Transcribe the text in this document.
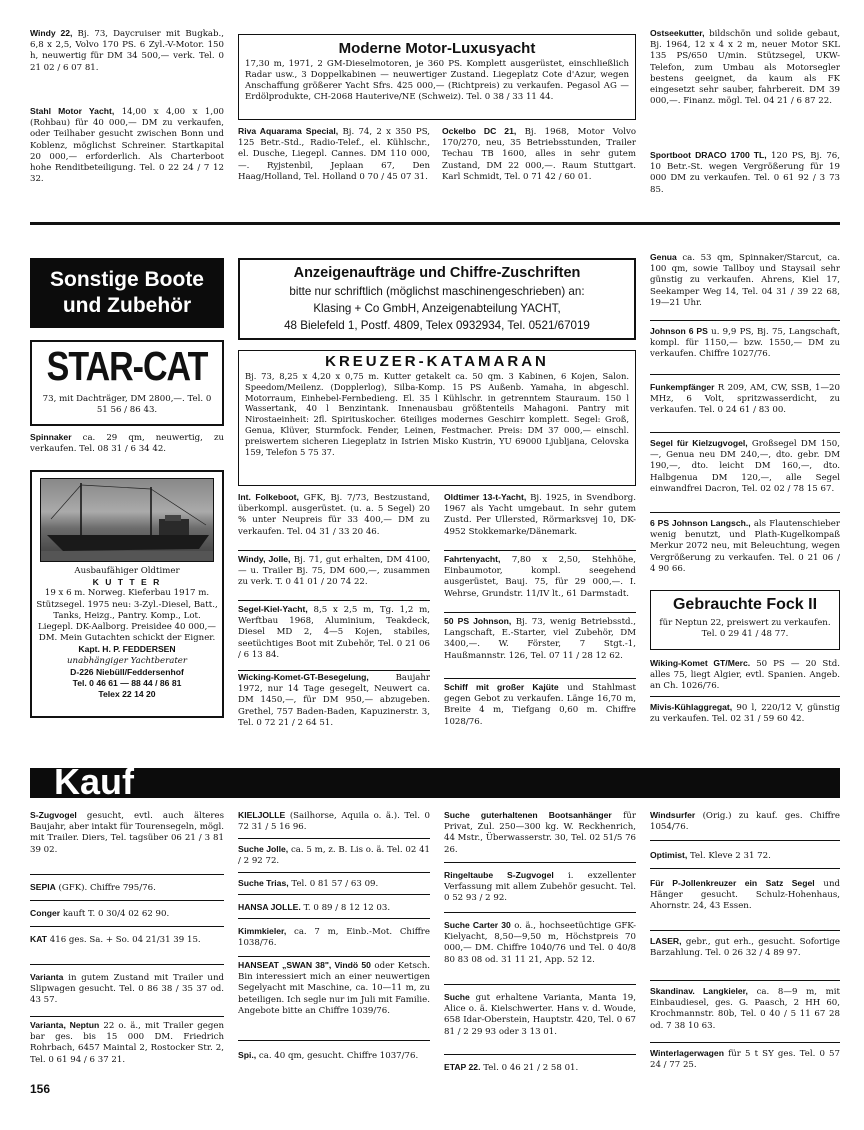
Windy 22, Bj. 73, Daycruiser mit Bugkab., 6,8 x 2,5, Volvo 170 PS. 6 Zyl.-V-Motor. 150 h, neuwertig für DM 34 500,— verk. Tel. 0 21 02 / 6 07 81.

Stahl Motor Yacht, 14,00 x 4,00 x 1,00 (Rohbau) für 40 000,— DM zu verkaufen, oder Teilhaber gesucht zwischen Bonn und Koblenz, möglichst Schreiner. Startkapital 20 000,— erforderlich. Als Charterboot hohe Renditbeteiligung. Tel. 0 22 24 / 7 12 32.

Moderne Motor-Luxusyacht

17,30 m, 1971, 2 GM-Dieselmotoren, je 360 PS. Komplett ausgerüstet, einschließlich Radar usw., 3 Doppelkabinen — neuwertiger Zustand. Liegeplatz Cote d'Azur, wegen Anschaffung größerer Yacht Sfrs. 425 000,— (Richtpreis) zu verkaufen. Pegasol AG — Erdölprodukte, CH-2068 Hauterive/NE (Schweiz). Tel. 0 38 / 33 11 44.

Riva Aquarama Special, Bj. 74, 2 x 350 PS, 125 Betr.-Std., Radio-Telef., el. Kühlschr., el. Dusche, Liegepl. Cannes. DM 110 000,—. Ryjstenbil, Jeplaan 67, Den Haag/Holland, Tel. Holland 0 70 / 45 07 31.

Ockelbo DC 21, Bj. 1968, Motor Volvo 170/270, neu, 35 Betriebsstunden, Trailer Techau TB 1600, alles in sehr gutem Zustand, DM 22 000,—. Raum Stuttgart. Karl Schmidt, Tel. 0 71 42 / 60 01.

Ostseekutter, bildschön und solide gebaut, Bj. 1964, 12 x 4 x 2 m, neuer Motor SKL 135 PS/650 U/min. Stützsegel, UKW-Telefon, zum Umbau als Motorsegler bestens geeignet, da kaum als FK eingesetzt sehr sauber, fahrbereit. DM 39 000,—. Finanz. mögl. Tel. 04 21 / 6 87 22.

Sportboot DRACO 1700 TL, 120 PS, Bj. 76, 10 Betr.-St. wegen Vergrößerung für 19 000 DM zu verkaufen. Tel. 0 61 92 / 3 73 85.

Sonstige Boote und Zubehör
STAR-CAT

73, mit Dachträger, DM 2800,—. Tel. 0 51 56 / 86 43.

Spinnaker ca. 29 qm, neuwertig, zu verkaufen. Tel. 08 31 / 6 34 42.

Ausbaufähiger Oldtimer
K U T T E R
19 x 6 m. Norweg. Kieferbau 1917 m. Stützsegel. 1975 neu: 3-Zyl.-Diesel, Batt., Tanks, Heizg., Pantry. Komp., Lot. Liegepl. DK-Aalborg. Preisidee 40 000,— DM. Mein Gutachten schickt der Eigner.
Kapt. H. P. FEDDERSEN
unabhängiger Yachtberater
D-226 Niebüll/Feddersenhof
Tel. 0 46 61 — 88 44 / 86 81
Telex 22 14 20
Anzeigenaufträge und Chiffre-Zuschriften
bitte nur schriftlich (möglichst maschinengeschrieben) an:
Klasing + Co GmbH, Anzeigenabteilung YACHT,
48 Bielefeld 1, Postf. 4809, Telex 0932934, Tel. 0521/67019
KREUZER-KATAMARAN

Bj. 73, 8,25 x 4,20 x 0,75 m. Kutter getakelt ca. 50 qm. 3 Kabinen, 6 Kojen, Salon. Speedom/Meilenz. (Dopplerlog), Silba-Komp. 15 PS Außenb. Yamaha, in abgeschl. Motorraum, Einhebel-Fernbedieng. El. 35 l Kühlschr. in getrenntem Stauraum. 150 l Wassertank, 40 l Benzintank. Innenausbau größtenteils Mahagoni. Pantry mit Nirostaeinheit: 2fl. Spirituskocher. 6teiliges modernes Geschirr komplett. Segel: Groß, Genua, Klüver, Sturmfock. Fender, Leinen, Festmacher. Preis: DM 37 000,— einschl. preiswertem sicheren Liegeplatz in Istrien Misko Kustrin, YU 69000 Ljubljana, Celovska 159, Telefon 5 75 37.

Int. Folkeboot, GFK, Bj. 7/73, Bestzustand, überkompl. ausgerüstet. (u. a. 5 Segel) 20 % unter Neupreis für 33 400,— DM zu verkaufen. Tel. 04 31 / 33 20 46.

Windy, Jolle, Bj. 71, gut erhalten, DM 4100,— u. Trailer Bj. 75, DM 600,—, zusammen zu verk. T. 0 41 01 / 20 74 22.

Segel-Kiel-Yacht, 8,5 x 2,5 m, Tg. 1,2 m, Werftbau 1968, Aluminium, Teakdeck, Diesel MD 2, 4—5 Kojen, stabiles, seetüchtiges Boot mit Zubehör, Tel. 0 21 06 / 6 13 84.

Wicking-Komet-GT-Besegelung,	Baujahr 1972, nur 14 Tage gesegelt, Neuwert ca. DM 1450,—, für DM 950,— abzugeben. Grethel, 757 Baden-Baden, Kapuzinerstr. 3, Tel. 0 72 21 / 2 64 51.

Oldtimer 13-t-Yacht, Bj. 1925, in Svendborg. 1967 als Yacht umgebaut. In sehr gutem Zustd. Per Ullersted, Rörmarksvej 10, DK-4952 Stokkemarke/Dänemark.

Fahrtenyacht, 7,80 x 2,50, Stehhöhe, Einbaumotor, kompl. seegehend ausgerüstet, Bauj. 75, für 29 000,—. I. Wehrse, Grundstr. 11/IV lt., 61 Darmstadt.

50 PS Johnson, Bj. 73, wenig Betriebsstd., Langschaft, E.-Starter, viel Zubehör, DM 3400,—. W. Förster, 7 Stgt.-1, Haußmannstr. 126, Tel. 07 11 / 28 12 62.

Schiff mit großer Kajüte und Stahlmast gegen Gebot zu verkaufen. Länge 16,70 m, Breite 4 m, Tiefgang 0,60 m. Chiffre 1028/76.

Genua ca. 53 qm, Spinnaker/Starcut, ca. 100 qm, sowie Tallboy und Staysail sehr günstig zu verkaufen. Ahrens, Kiel 17, Seekamper Weg 14, Tel. 04 31 / 39 22 68, 19—21 Uhr.

Johnson 6 PS u. 9,9 PS, Bj. 75, Langschaft, kompl. für 1150,— bzw. 1550,— DM zu verkaufen. Chiffre 1027/76.

Funkempfänger R 209, AM, CW, SSB, 1—20 MHz, 6 Volt, spritzwasserdicht, zu verkaufen. Tel. 0 24 61 / 83 00.

Segel für Kielzugvogel, Großsegel DM 150,—, Genua neu DM 240,—, dto. gebr. DM 190,—, dto. leicht DM 160,—, dto. Halbgenua DM 120,—, alle Segel einwandfrei Dacron, Tel. 02 02 / 78 15 67.

6 PS Johnson Langsch., als Flautenschieber wenig benutzt, und Plath-Kugelkompaß Merkur 2072 neu, mit Beleuchtung, wegen Vergrößerung zu verkaufen. Tel. 0 21 06 / 4 90 66.

Gebrauchte Fock II

für Neptun 22, preiswert zu verkaufen. Tel. 0 29 41 / 48 77.

Wiking-Komet GT/Merc. 50 PS — 20 Std. alles 75, liegt Algier, evtl. Spanien. Angeb. an Ch. 1026/76.

Mivis-Kühlaggregat, 90 l, 220/12 V, günstig zu verkaufen. Tel. 02 31 / 59 60 42.

Kauf

S-Zugvogel gesucht, evtl. auch älteres Baujahr, aber intakt für Tourensegeln, mögl. mit Trailer. Diers, Tel. tagsüber 06 21 / 3 81 39 02.

SEPIA (GFK). Chiffre 795/76.

Conger kauft T. 0 30/4 02 62 90.

KAT 416 ges. Sa. + So. 04 21/31 39 15.

Varianta in gutem Zustand mit Trailer und Slipwagen gesucht. Tel. 0 86 38 / 35 37 od. 43 57.

Varianta, Neptun 22 o. ä., mit Trailer gegen bar ges. bis 15 000 DM. Friedrich Rohrbach, 6457 Maintal 2, Rostocker Str. 2, Tel. 0 61 94 / 6 37 21.

KIELJOLLE (Sailhorse, Aquila o. ä.). Tel. 0 72 31 / 5 16 96.

Suche Jolle, ca. 5 m, z. B. Lis o. ä. Tel. 02 41 / 2 92 72.

Suche Trias, Tel. 0 81 57 / 63 09.

HANSA JOLLE. T. 0 89 / 8 12 12 03.

Kimmkieler, ca. 7 m, Einb.-Mot. Chiffre 1038/76.

HANSEAT „SWAN 38", Vindö 50 oder Ketsch. Bin interessiert mich an einer neuwertigen Segelyacht mit Maschine, ca. 10—11 m, zu beteiligen. Ich segle nur im Juli mit Familie. Angebote bitte an Chiffre 1039/76.

Spi., ca. 40 qm, gesucht. Chiffre 1037/76.

Suche guterhaltenen Bootsanhänger für Privat, Zul. 250—300 kg. W. Reckhenrich, 44 Mstr., Überwasserstr. 30, Tel. 02 51/5 76 26.

Ringeltaube S-Zugvogel i. exzellenter Verfassung mit allem Zubehör gesucht. Tel. 0 52 93 / 2 92.

Suche Carter 30 o. ä., hochseetüchtige GFK-Kielyacht, 8,50—9,50 m, Höchstpreis 70 000,— DM. Chiffre 1040/76 und Tel. 0 40/8 80 83 08 od. 31 11 21, App. 52 12.

Suche gut erhaltene Varianta, Manta 19, Alice o. ä. Kielschwerter. Hans v. d. Woude, 658 Idar-Oberstein, Hauptstr. 420, Tel. 0 67 81 / 2 29 93 oder 3 13 01.

ETAP 22. Tel. 0 46 21 / 2 58 01.

Windsurfer (Orig.) zu kauf. ges. Chiffre 1054/76.

Optimist, Tel. Kleve 2 31 72.

Für P-Jollenkreuzer ein Satz Segel und Hänger gesucht. Schulz-Hohenhaus, Ahornstr. 24, 43 Essen.

LASER, gebr., gut erh., gesucht. Sofortige Barzahlung. Tel. 0 26 32 / 4 89 97.

Skandinav. Langkieler, ca. 8—9 m, mit Einbaudiesel, ges. G. Paasch, 2 HH 60, Krochmannstr. 80b, Tel. 0 40 / 5 11 67 28 od. 7 38 10 63.

Winterlagerwagen für 5 t SY ges. Tel. 0 57 24 / 77 25.

156
